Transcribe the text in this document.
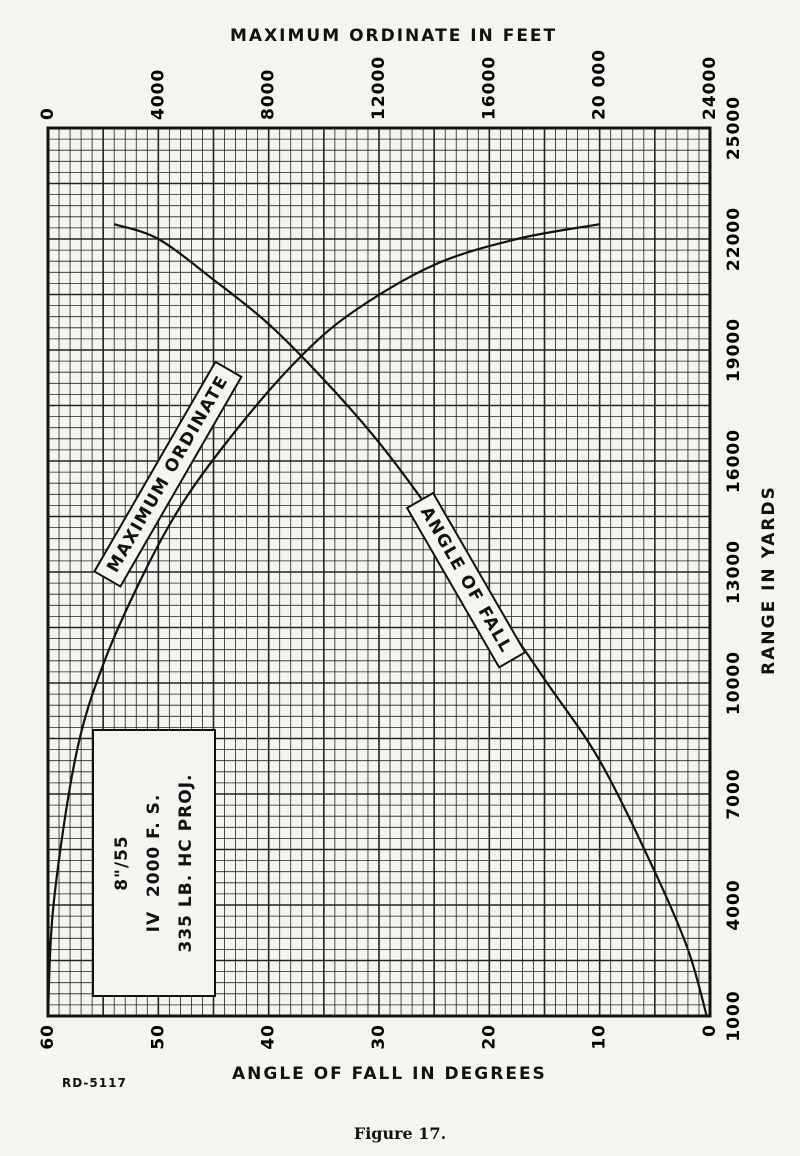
60	50	40	30	20	10	0
0	4000	8000	12000	16000	20 000	24000
1000
4000
7000
10000
13000
16000
19000
22000
25000
MAXIMUM ORDINATE IN FEET
ANGLE OF FALL IN DEGREES
RANGE IN YARDS
MAXIMUM ORDINATE
ANGLE OF FALL
8"/55 IV  2000 F. S. 335 LB. HC PROJ.
RD-5117
Figure 17.
